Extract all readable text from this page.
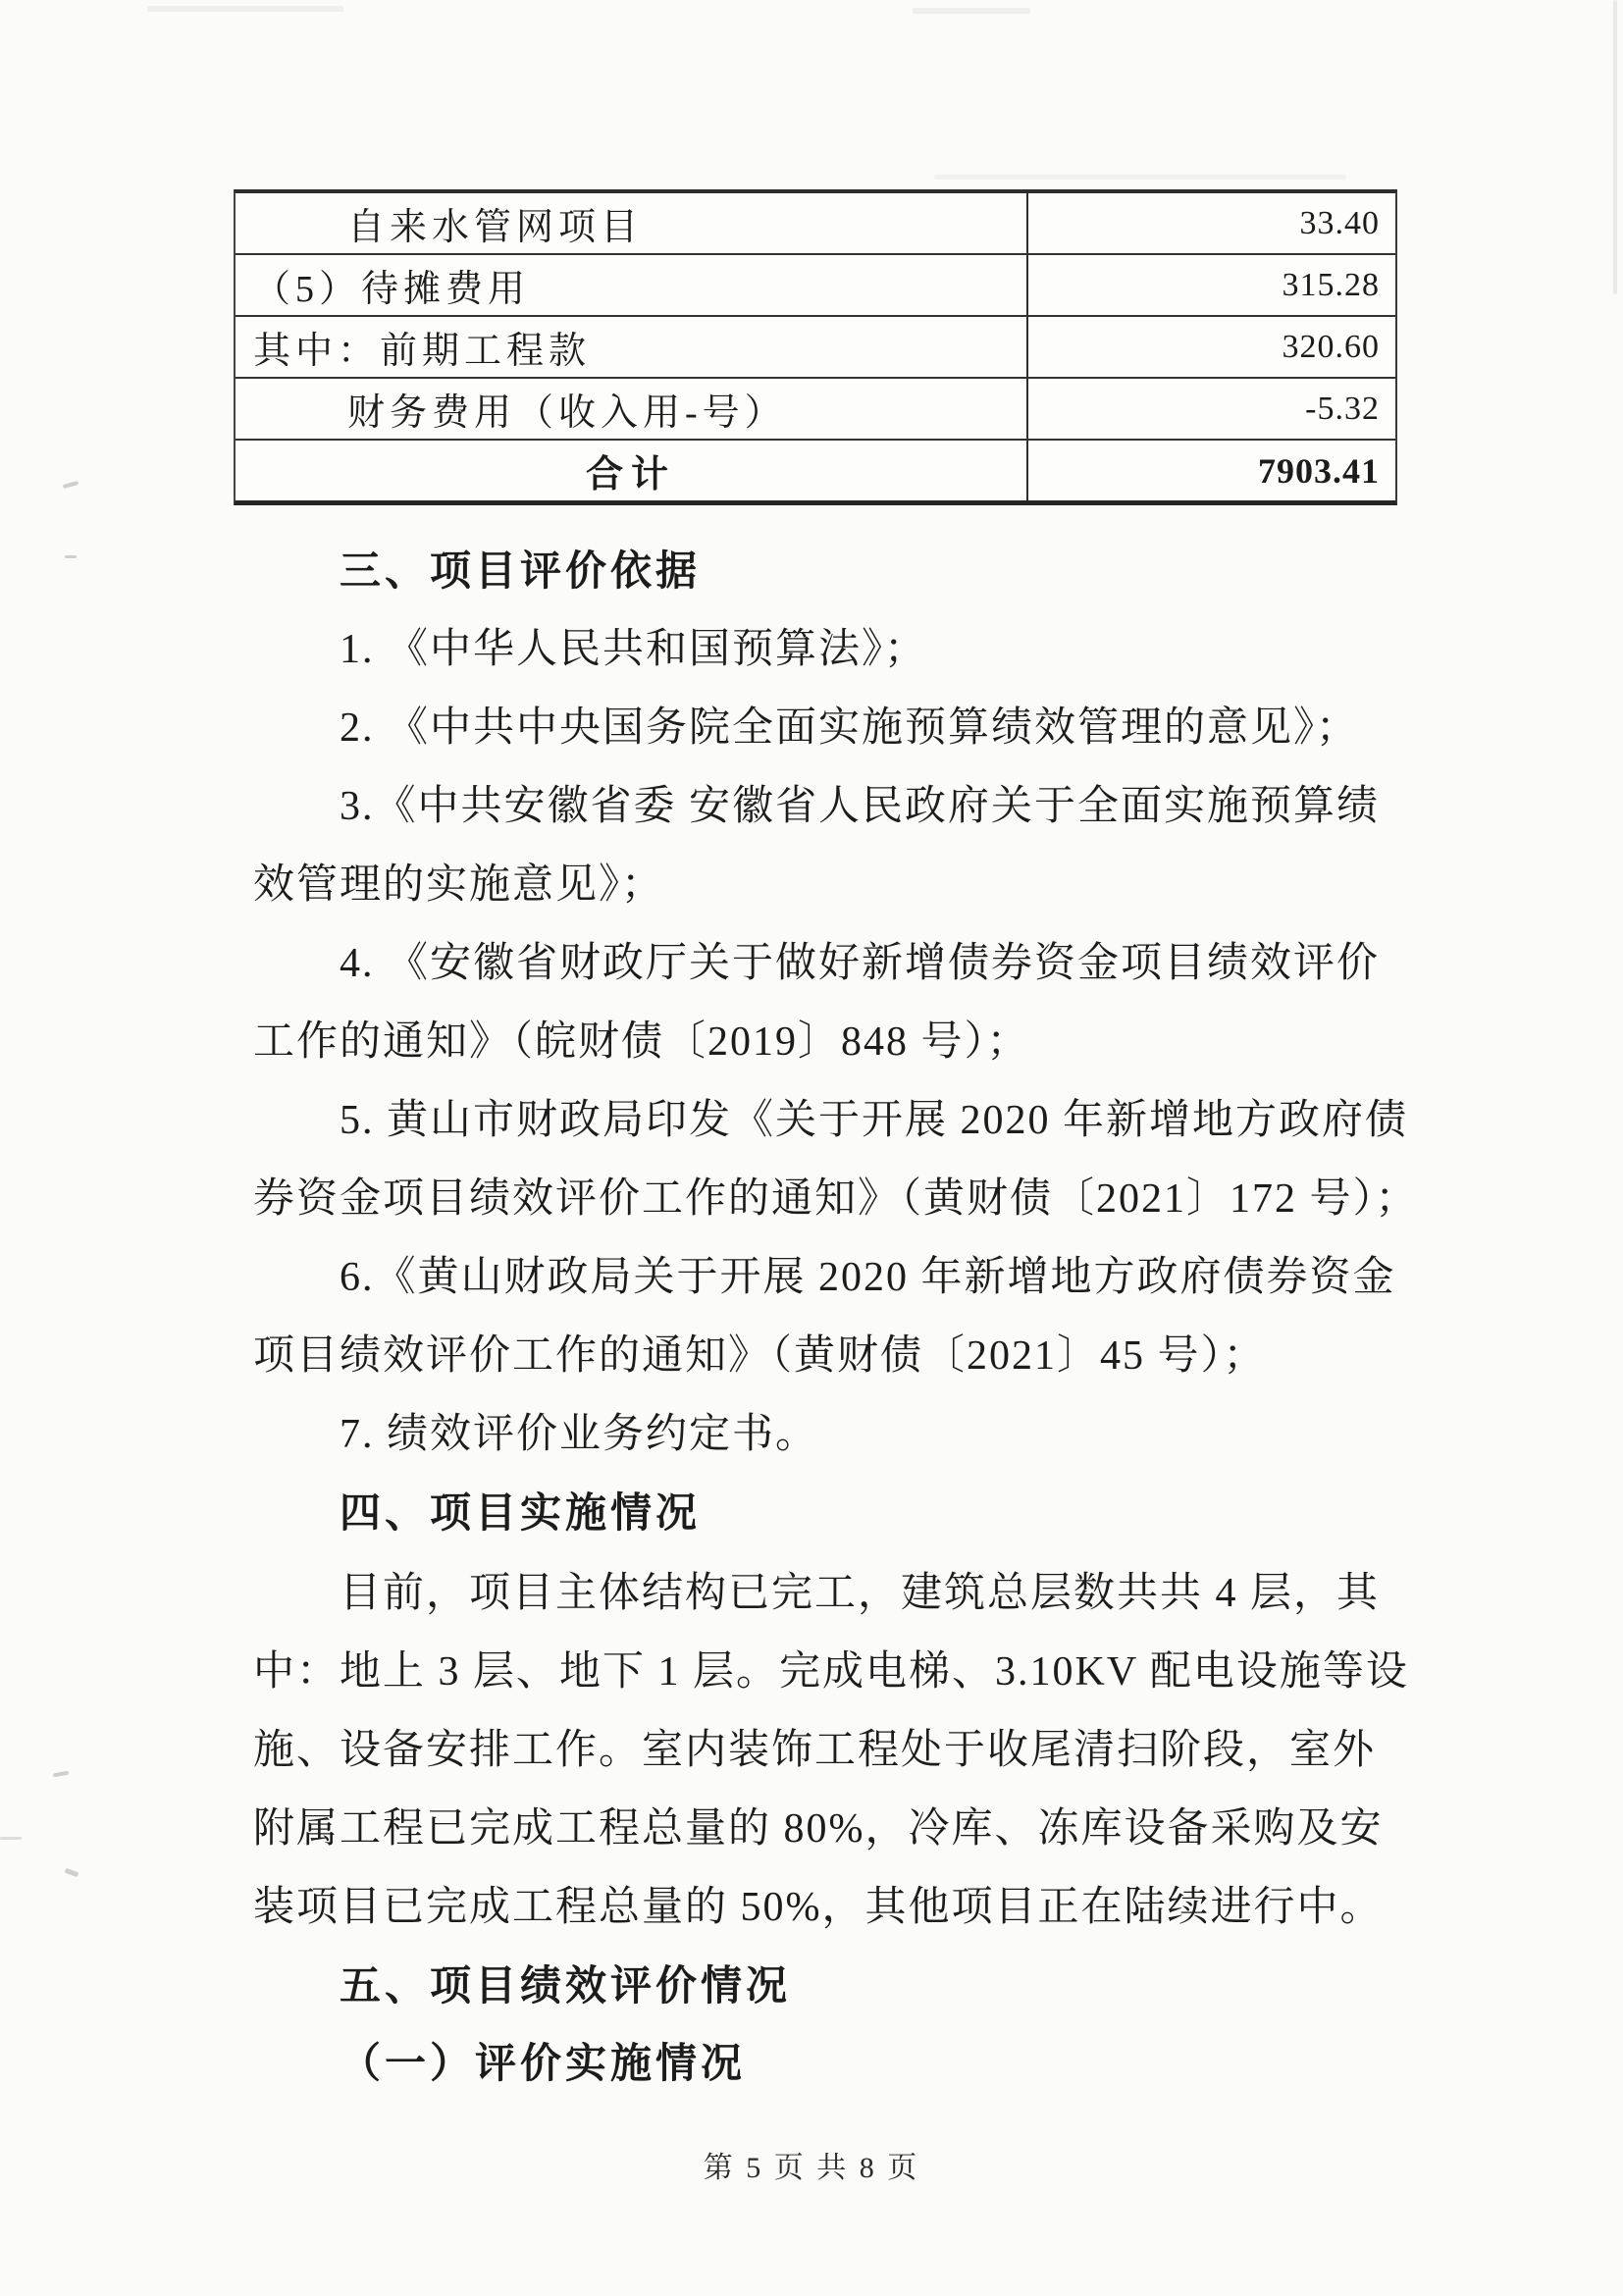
自来水管网项目	33.40
（5）待摊费用	315.28
其中：前期工程款	320.60
财务费用（收入用-号）	-5.32
合计	7903.41
三、项目评价依据
1. 《中华人民共和国预算法》；
2. 《中共中央国务院全面实施预算绩效管理的意见》；
3.《中共安徽省委 安徽省人民政府关于全面实施预算绩
效管理的实施意见》；
4. 《安徽省财政厅关于做好新增债券资金项目绩效评价
工作的通知》（皖财债〔2019〕848 号）；
5. 黄山市财政局印发《关于开展 2020 年新增地方政府债
券资金项目绩效评价工作的通知》（黄财债〔2021〕172 号）；
6.《黄山财政局关于开展 2020 年新增地方政府债券资金
项目绩效评价工作的通知》（黄财债〔2021〕45 号）；
7. 绩效评价业务约定书。
四、项目实施情况
目前，项目主体结构已完工，建筑总层数共共 4 层，其
中：地上 3 层、地下 1 层。完成电梯、3.10KV 配电设施等设
施、设备安排工作。室内装饰工程处于收尾清扫阶段，室外
附属工程已完成工程总量的 80%，冷库、冻库设备采购及安
装项目已完成工程总量的 50%，其他项目正在陆续进行中。
五、项目绩效评价情况
（一）评价实施情况
第 5 页 共 8 页
